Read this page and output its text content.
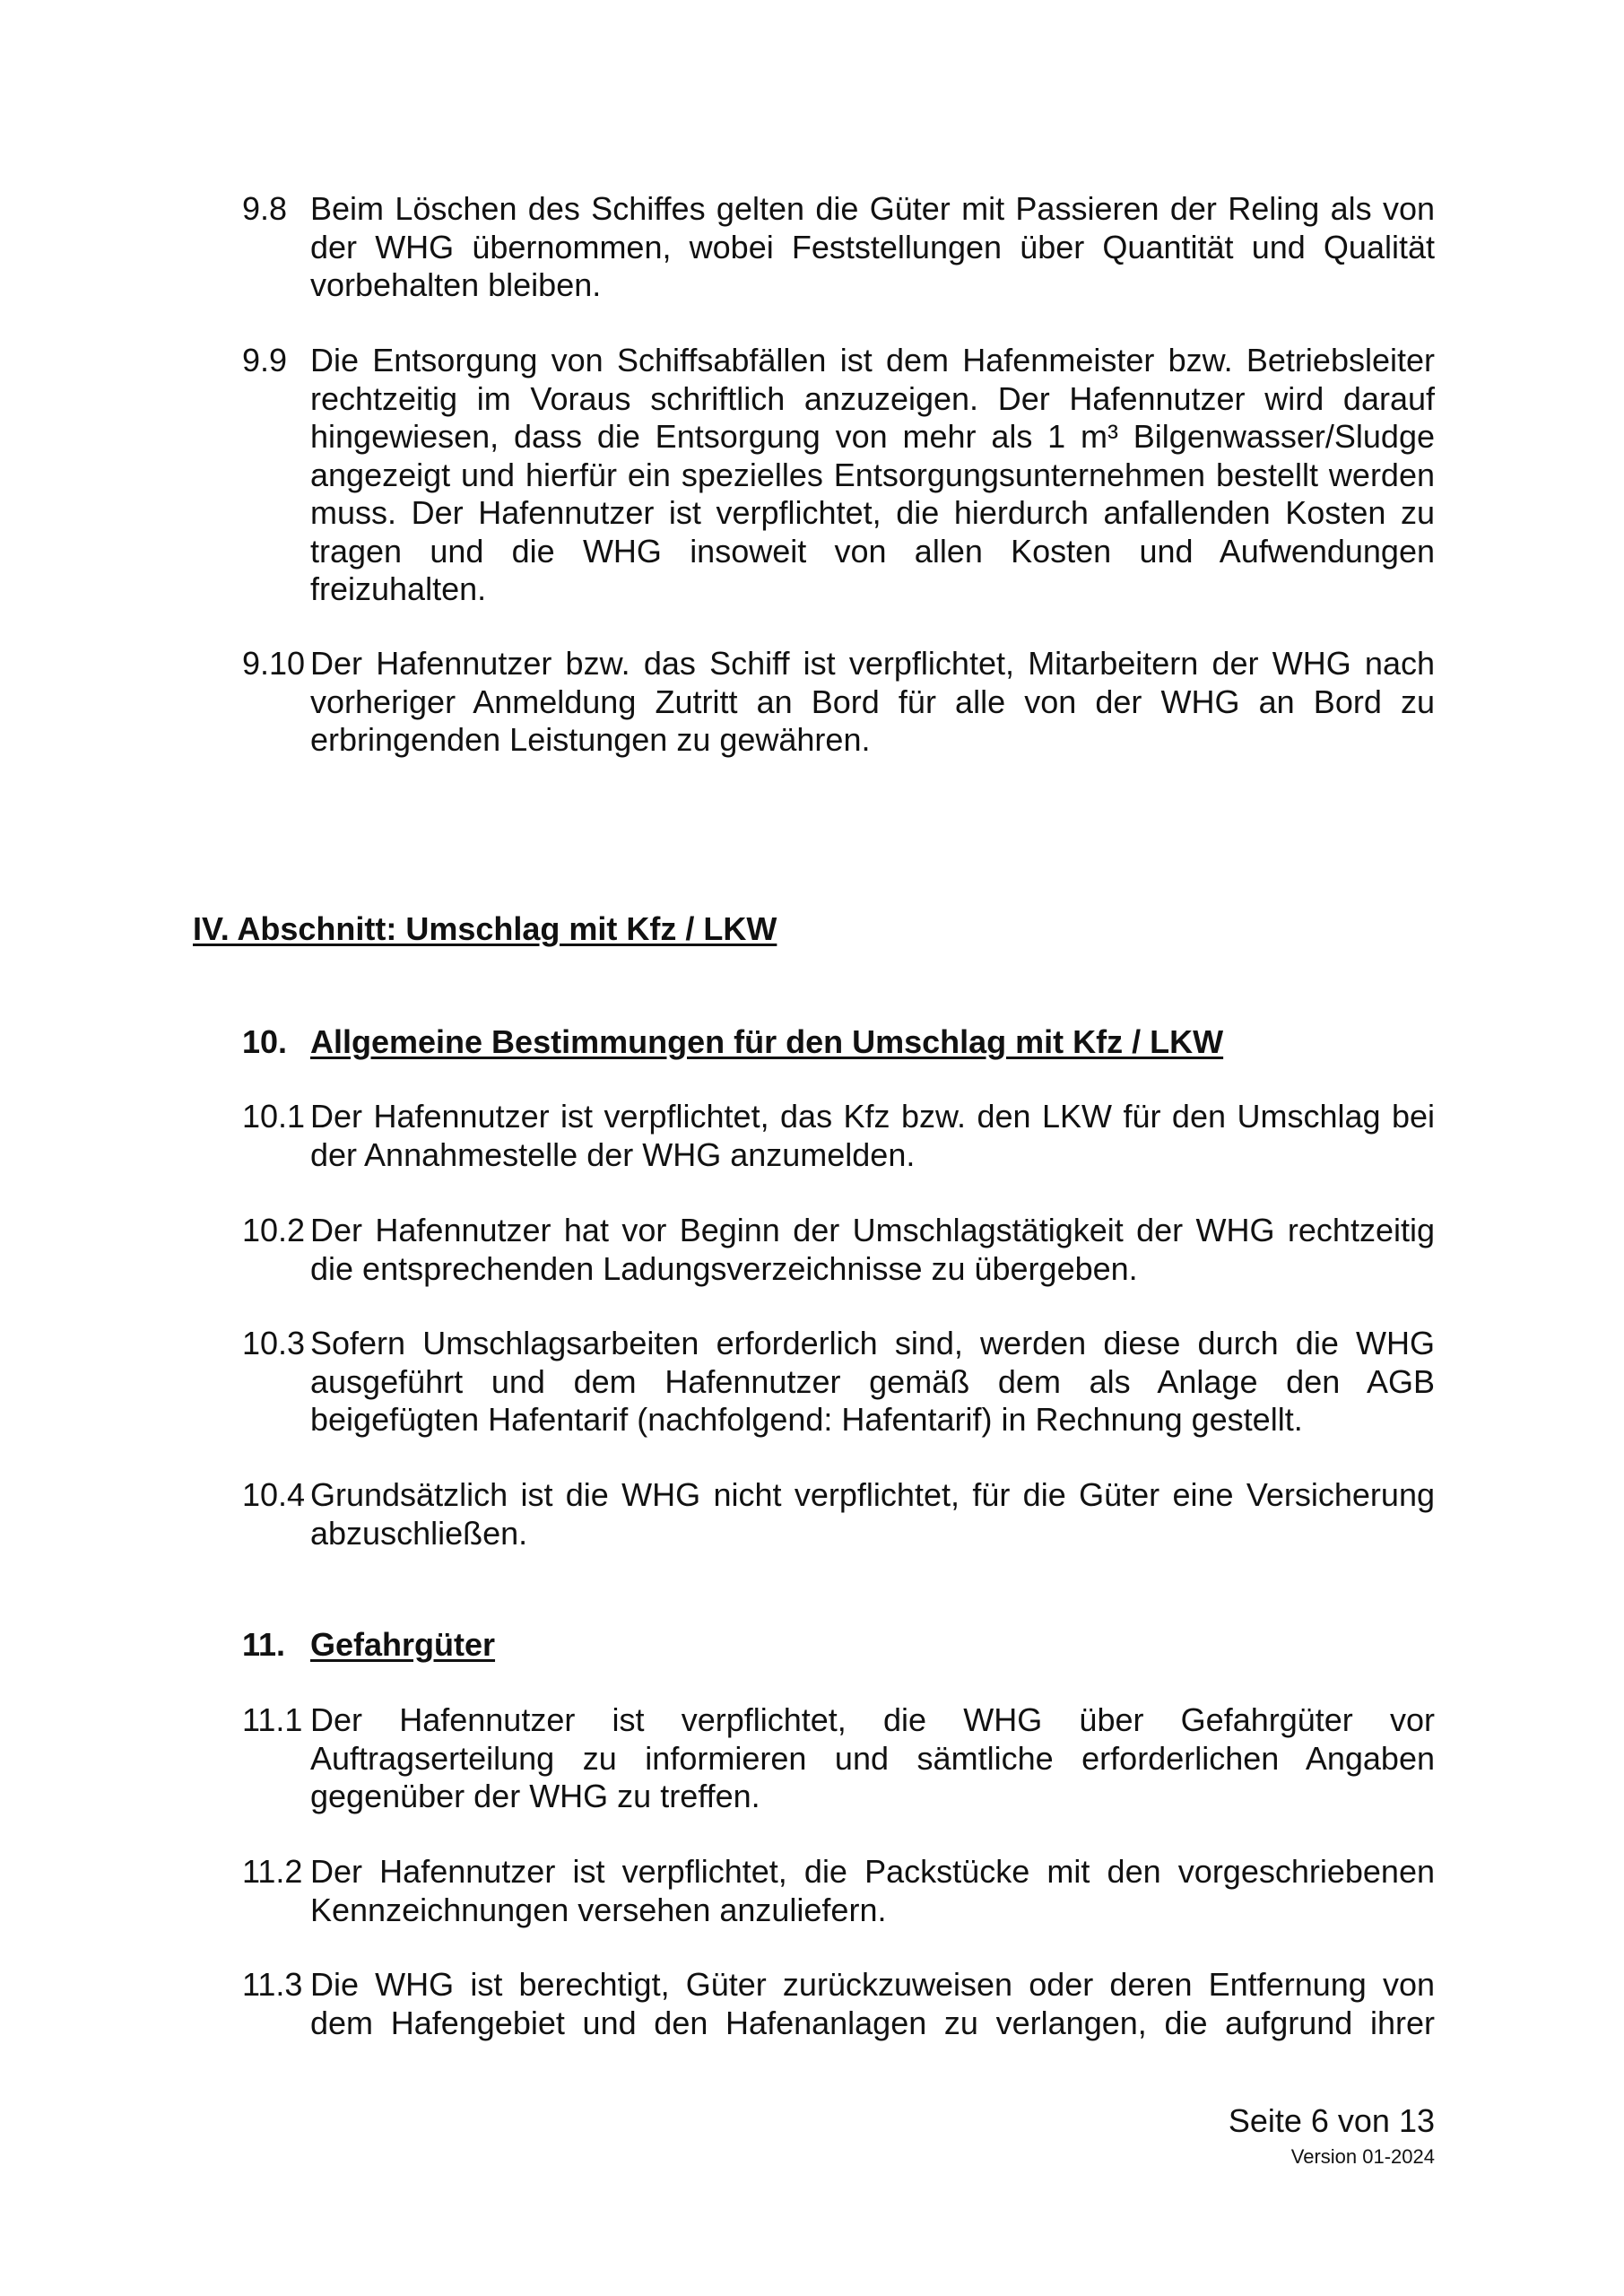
9.8 Beim Löschen des Schiffes gelten die Güter mit Passieren der Reling als von der WHG übernommen, wobei Feststellungen über Quantität und Qualität vorbehalten bleiben.
9.9 Die Entsorgung von Schiffsabfällen ist dem Hafenmeister bzw. Betriebsleiter rechtzeitig im Voraus schriftlich anzuzeigen. Der Hafennutzer wird darauf hingewiesen, dass die Entsorgung von mehr als 1 m³ Bilgenwasser/Sludge angezeigt und hierfür ein spezielles Entsorgungsunternehmen bestellt werden muss. Der Hafennutzer ist verpflichtet, die hierdurch anfallenden Kosten zu tragen und die WHG insoweit von allen Kosten und Aufwendungen freizuhalten.
9.10 Der Hafennutzer bzw. das Schiff ist verpflichtet, Mitarbeitern der WHG nach vorheriger Anmeldung Zutritt an Bord für alle von der WHG an Bord zu erbringenden Leistungen zu gewähren.
IV. Abschnitt: Umschlag mit Kfz / LKW
10. Allgemeine Bestimmungen für den Umschlag mit Kfz / LKW
10.1 Der Hafennutzer ist verpflichtet, das Kfz bzw. den LKW für den Umschlag bei der Annahmestelle der WHG anzumelden.
10.2 Der Hafennutzer hat vor Beginn der Umschlagstätigkeit der WHG rechtzeitig die entsprechenden Ladungsverzeichnisse zu übergeben.
10.3 Sofern Umschlagsarbeiten erforderlich sind, werden diese durch die WHG ausgeführt und dem Hafennutzer gemäß dem als Anlage den AGB beigefügten Hafentarif (nachfolgend: Hafentarif) in Rechnung gestellt.
10.4 Grundsätzlich ist die WHG nicht verpflichtet, für die Güter eine Versicherung abzuschließen.
11. Gefahrgüter
11.1 Der Hafennutzer ist verpflichtet, die WHG über Gefahrgüter vor Auftragserteilung zu informieren und sämtliche erforderlichen Angaben gegenüber der WHG zu treffen.
11.2 Der Hafennutzer ist verpflichtet, die Packstücke mit den vorgeschriebenen Kennzeichnungen versehen anzuliefern.
11.3 Die WHG ist berechtigt, Güter zurückzuweisen oder deren Entfernung von dem Hafengebiet und den Hafenanlagen zu verlangen, die aufgrund ihrer
Seite 6 von 13
Version 01-2024
